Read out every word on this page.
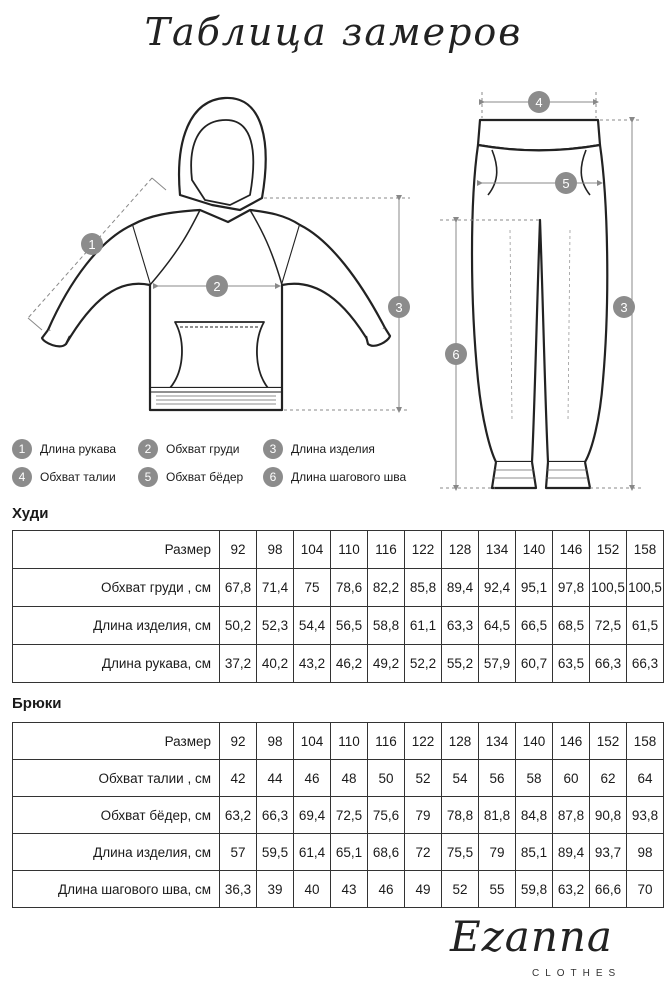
Таблица замеров
1
2
3
4
5
3
6
1	Длина рукава	2	Обхват груди	3	Длина изделия
4	Обхват талии	5	Обхват бёдер	6	Длина шагового шва
Худи
Размер	92	98	104	110	116	122	128	134	140	146	152	158
Обхват груди , см	67,8	71,4	75	78,6	82,2	85,8	89,4	92,4	95,1	97,8	100,5	100,5
Длина изделия, см	50,2	52,3	54,4	56,5	58,8	61,1	63,3	64,5	66,5	68,5	72,5	61,5
Длина рукава, см	37,2	40,2	43,2	46,2	49,2	52,2	55,2	57,9	60,7	63,5	66,3	66,3
Брюки
Размер	92	98	104	110	116	122	128	134	140	146	152	158
Обхват талии , см	42	44	46	48	50	52	54	56	58	60	62	64
Обхват бёдер, см	63,2	66,3	69,4	72,5	75,6	79	78,8	81,8	84,8	87,8	90,8	93,8
Длина изделия, см	57	59,5	61,4	65,1	68,6	72	75,5	79	85,1	89,4	93,7	98
Длина шагового шва, см	36,3	39	40	43	46	49	52	55	59,8	63,2	66,6	70
Ezanna
CLOTHES
